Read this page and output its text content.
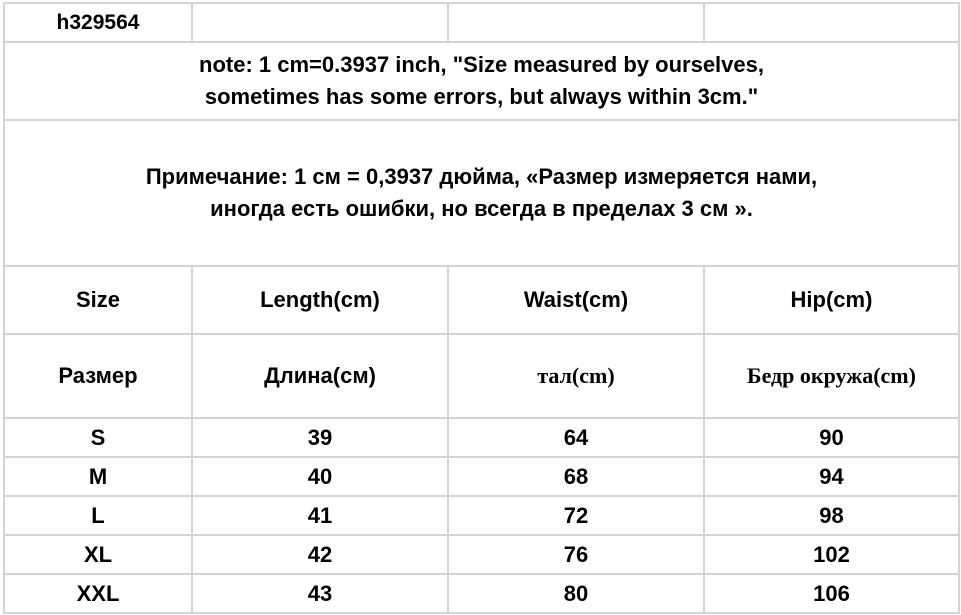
h329564			

note: 1 cm=0.3937 inch, "Size measured by ourselves,
sometimes has some errors, but always within 3cm."			

Примечание: 1 см = 0,3937 дюйма, «Размер измеряется нами,
иногда есть ошибки, но всегда в пределах 3 см ».			

Size	Length(cm)	Waist(cm)	Hip(cm)
Размер	Длина(см)	тал(cm)	Бедр окружа(cm)
S	39	64	90
M	40	68	94
L	41	72	98
XL	42	76	102
XXL	43	80	106
